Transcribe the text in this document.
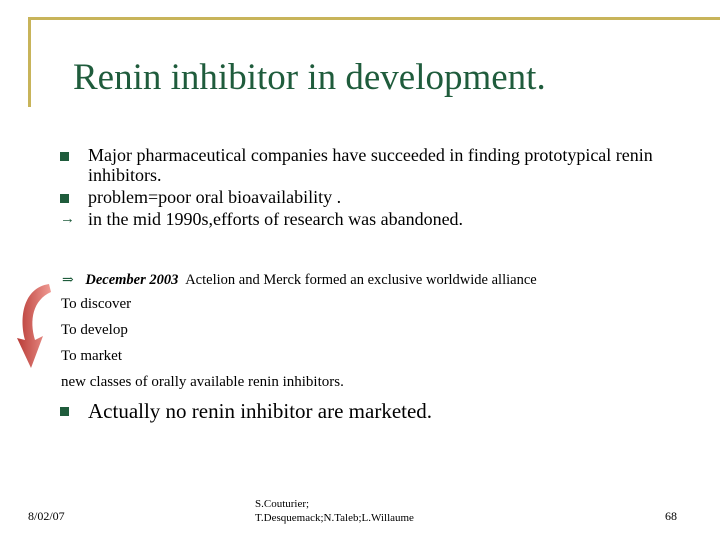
Renin inhibitor in development.
Major pharmaceutical companies have succeeded in finding prototypical renin inhibitors.
problem=poor oral bioavailability .
→ in the mid 1990s,efforts of research was abandoned.
⇒ December 2003 Actelion and Merck formed an exclusive worldwide alliance
To discover
To develop
To market
new classes of orally available renin inhibitors.
Actually no renin inhibitor are marketed.
8/02/07
S.Couturier;
T.Desquemack;N.Taleb;L.Willaume	68
